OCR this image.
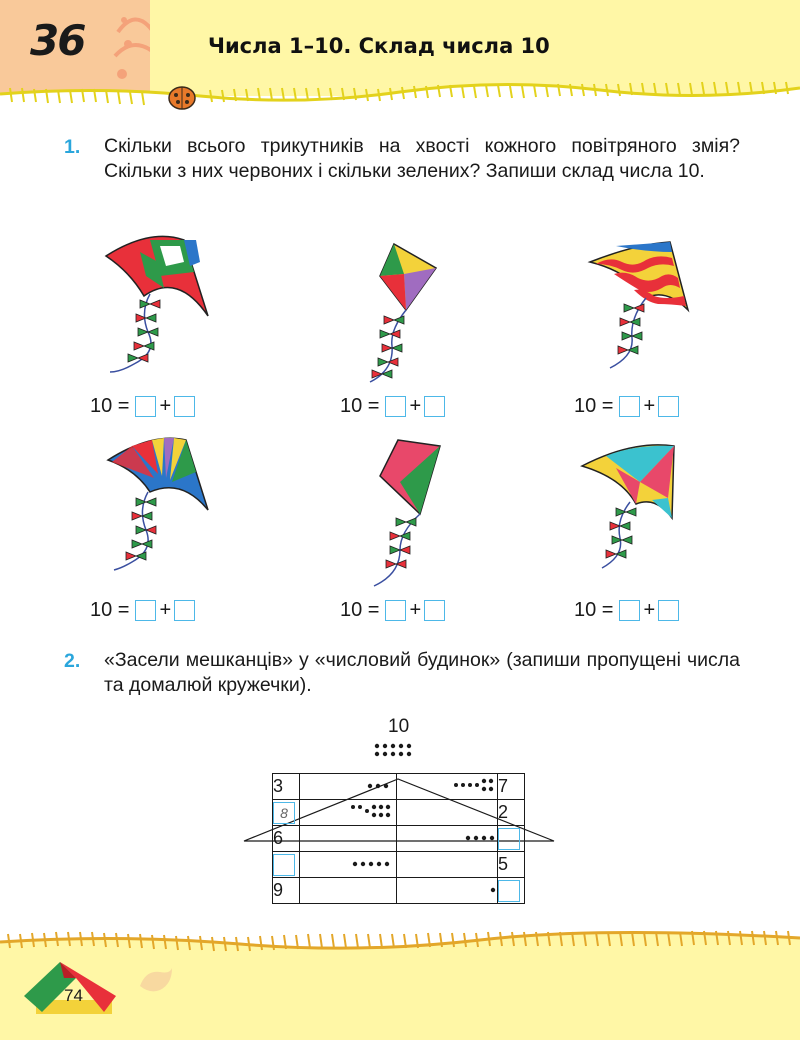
36	Числа 1–10. Склад числа 10
1. Скільки всього трикутників на хвості кожного повітряного змія? Скільки з них червоних і скільки зелених? Запиши склад числа 10.
10 = +	10 = +	10 = +
10 = +	10 = +	10 = +
2. «Засели мешканців» у «числовий будинок» (запиши пропущені числа та домалюй кружечки).
10
3			7
8			2
6			
			5
9			
74
